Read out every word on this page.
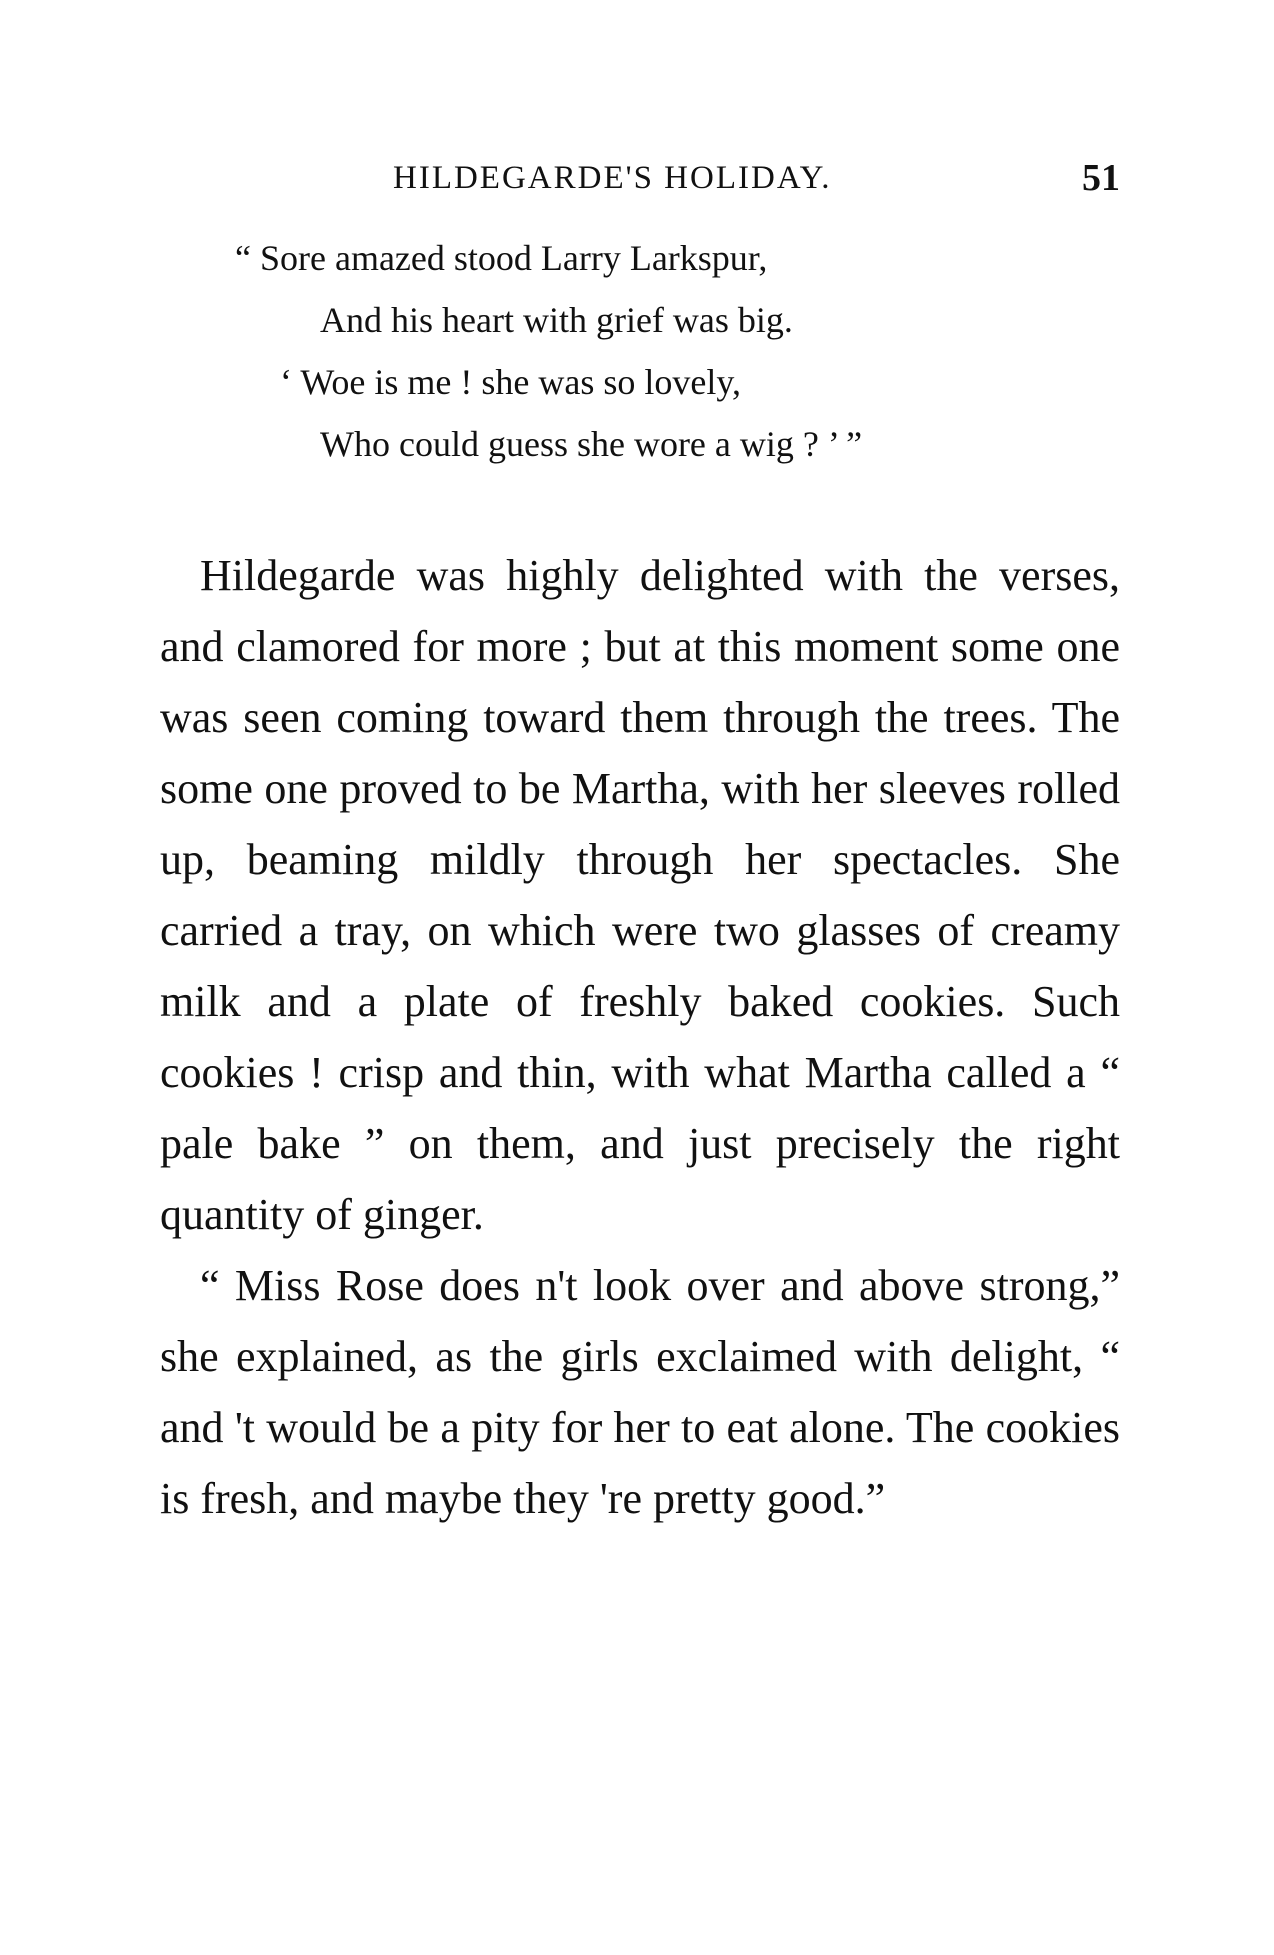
HILDEGARDE'S HOLIDAY.	51
“ Sore amazed stood Larry Larkspur,
And his heart with grief was big.
‘ Woe is me ! she was so lovely,
Who could guess she wore a wig ? ’ ”

Hildegarde was highly delighted with the verses, and clamored for more ; but at this moment some one was seen coming toward them through the trees. The some one proved to be Martha, with her sleeves rolled up, beaming mildly through her spectacles. She carried a tray, on which were two glasses of creamy milk and a plate of freshly baked cookies. Such cookies ! crisp and thin, with what Martha called a “ pale bake ” on them, and just precisely the right quantity of ginger.

“ Miss Rose does n't look over and above strong,” she explained, as the girls exclaimed with delight, “ and 't would be a pity for her to eat alone. The cookies is fresh, and maybe they 're pretty good.”
